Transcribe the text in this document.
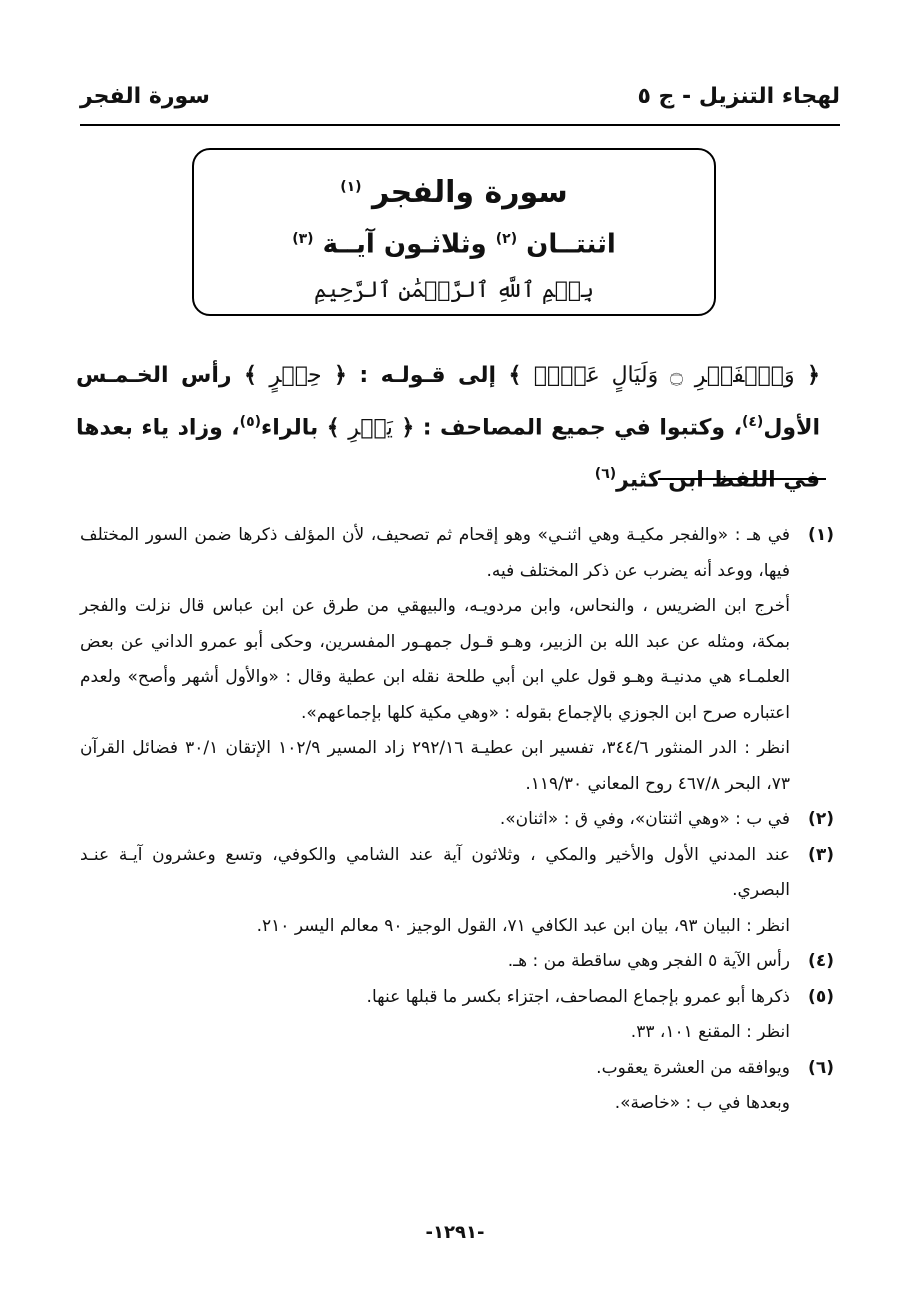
لهجاء التنزيل - ج ٥
سورة الفجر
سورة والفجر $^{(١)}$
اثنتــان $^{(٢)}$ وثلاثـون آيــة $^{(٣)}$
بِسۡمِ ٱللَّهِ ٱلرَّحۡمَٰنِ ٱلرَّحِيمِ
﴿ وَٱلۡفَجۡرِ ۝ وَلَيَالٍ عَشۡرٖ ﴾ إلى قـولـه : ﴿ حِجۡرٍ ﴾ رأس الخـمـس الأول$^{(٤)}$، وكتبوا في جميع المصاحف : ﴿ يَسۡرِ ﴾ بالراء$^{(٥)}$، وزاد ياء بعدها في اللفظ ابن كثير$^{(٦)}$
(١)

في هـ : «والفجر مكيـة وهي اثنـي» وهو إقحام ثم تصحيف، لأن المؤلف ذكرها ضمن السور المختلف فيها، ووعد أنه يضرب عن ذكر المختلف فيه.

أخرج ابن الضريس ، والنحاس، وابن مردويـه، والبيهقي من طرق عن ابن عباس قال نزلت والفجر بمكة، ومثله عن عبد الله بن الزبير، وهـو قـول جمهـور المفسرين، وحكى أبو عمرو الداني عن بعض العلمـاء هي مدنيـة وهـو قول علي ابن أبي طلحة نقله ابن عطية وقال : «والأول أشهر وأصح» ولعدم اعتباره صرح ابن الجوزي بالإجماع بقوله : «وهي مكية كلها بإجماعهم».

انظر : الدر المنثور ٣٤٤/٦، تفسير ابن عطيـة ٢٩٢/١٦ زاد المسير ١٠٢/٩ الإتقان ٣٠/١ فضائل القرآن ٧٣، البحر ٤٦٧/٨ روح المعاني ١١٩/٣٠.

(٢)

في ب : «وهي اثنتان»، وفي ق : «اثنان».

(٣)

عند المدني الأول والأخير والمكي ، وثلاثون آية عند الشامي والكوفي، وتسع وعشرون آيـة عنـد البصري.

انظر : البيان ٩٣، بيان ابن عبد الكافي ٧١، القول الوجيز ٩٠ معالم اليسر ٢١٠.

(٤)

رأس الآية ٥ الفجر وهي ساقطة من : هـ.

(٥)

ذكرها أبو عمرو بإجماع المصاحف، اجتزاء بكسر ما قبلها عنها.

انظر : المقنع ١٠١، ٣٣.

(٦)

ويوافقه من العشرة يعقوب.

وبعدها في ب : «خاصة».

-١٢٩١-
